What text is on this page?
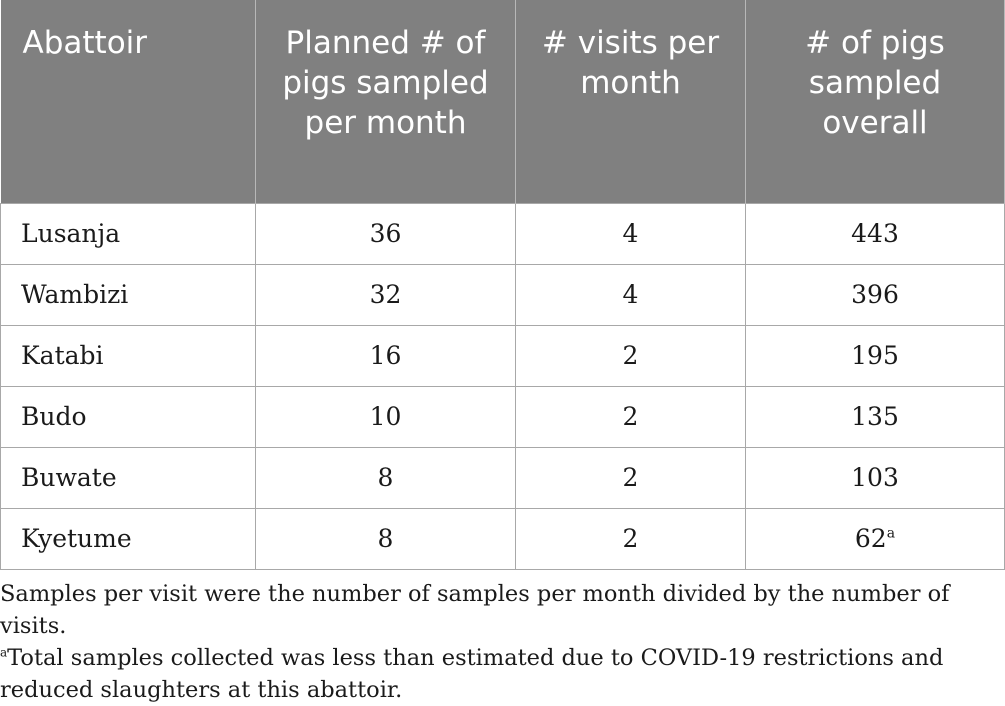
Abattoir	Planned # of pigs sampled per month	# visits per month	# of pigs sampled overall
Lusanja	36	4	443
Wambizi	32	4	396
Katabi	16	2	195
Budo	10	2	135
Buwate	8	2	103
Kyetume	8	2	62$^a$

Samples per visit were the number of samples per month divided by the number of visits.

$^a$Total samples collected was less than estimated due to COVID-19 restrictions and reduced slaughters at this abattoir.
